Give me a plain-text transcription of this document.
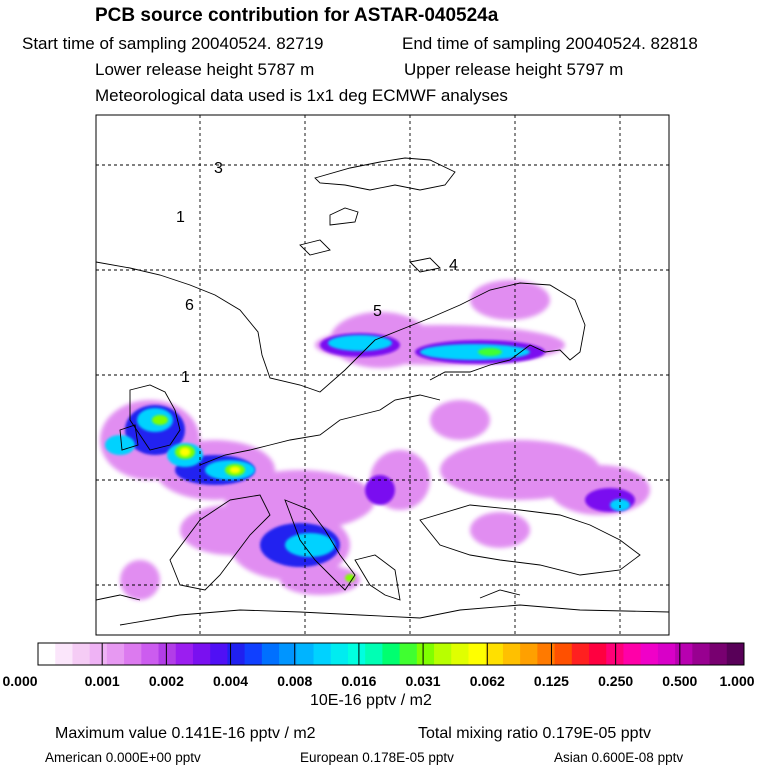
PCB source contribution for ASTAR-040524a
Start time of sampling 20040524. 82719	End time of sampling 20040524. 82818
Lower release height 5787 m	Upper release height 5797 m
Meteorological data used is 1x1 deg ECMWF analyses
3
1
4
6	5
1
0.000	0.001 0.002 0.004 0.008 0.016 0.031 0.062 0.125 0.250 0.500 1.000
10E-16 pptv / m2
Maximum value 0.141E-16 pptv / m2	Total mixing ratio 0.179E-05 pptv
American 0.000E+00 pptv	European 0.178E-05 pptv	Asian 0.600E-08 pptv
